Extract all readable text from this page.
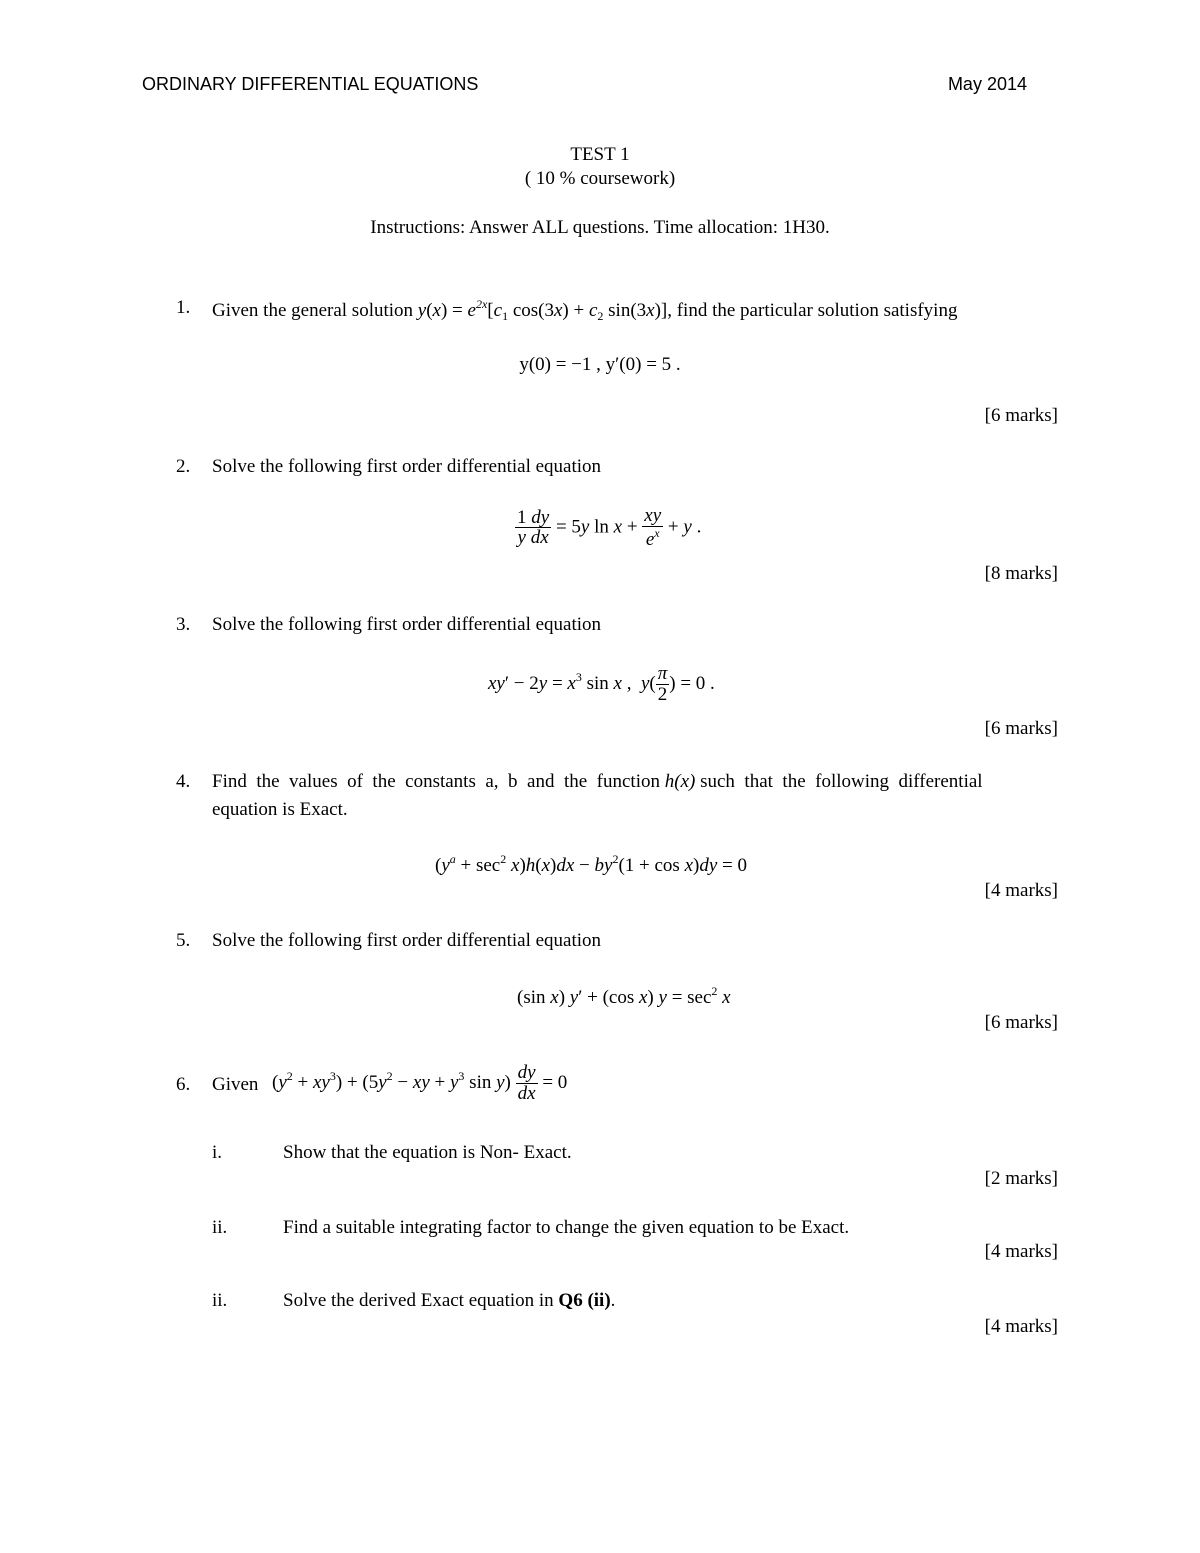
ORDINARY DIFFERENTIAL EQUATIONS	May 2014
TEST 1
( 10 % coursework)
Instructions: Answer ALL questions. Time allocation: 1H30.
1. Given the general solution $y(x) = e^{2x}[c_1$ $\cos(3x) + c_2$ sin(3x)], find the particular solution satisfying
y(0) = −1 , y′(0) = 5 .
[6 marks]
2. Solve the following first order differential equation
$\frac{1 dy}{\text{y dx}} = 5y$ $\ln x + \frac{xy}{e^x} + y$ .
[8 marks]
3. Solve the following first order differential equation
$xy' - 2y = x^3$ sin x ,  $y( \frac{\pi}{2}$ ) = 0 .
[6 marks]
4. Find  the  values  of  the  constants  a,  b  and  the  function h(x) such  that  the  following  differential
equation is Exact.
$(y^a + \sec^2 x)h(x)dx - by^2(1 + \cos x)dy = 0$
[4 marks]
5. Solve the following first order differential equation
(sin x) y′ + (cos x) $y = \sec^2 x$
[6 marks]
6. Given $(y^2 + xy^3) + (5y^2$ − xy + $y^3$ $\sin y) \frac{dy}{dx} = 0$
i.	Show that the equation is Non- Exact.
[2 marks]
ii.	Find a suitable integrating factor to change the given equation to be Exact.
[4 marks]
ii.	Solve the derived Exact equation in Q6 (ii).
[4 marks]
